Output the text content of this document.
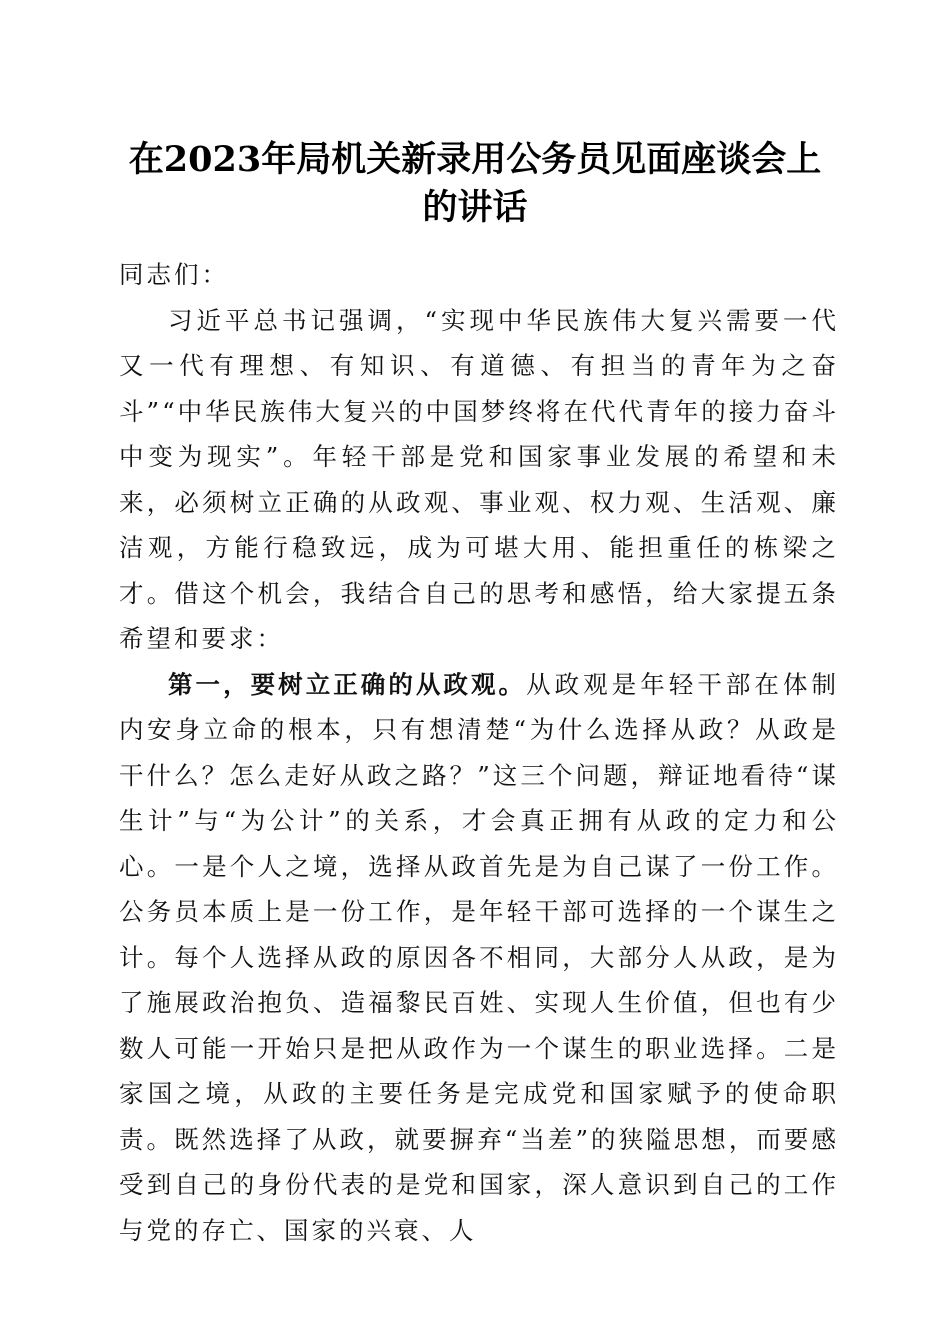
在2023年局机关新录用公务员见面座谈会上
的讲话

同志们：

习近平总书记强调，“实现中华民族伟大复兴需要一代又一代有理想、有知识、有道德、有担当的青年为之奋斗”“中华民族伟大复兴的中国梦终将在代代青年的接力奋斗中变为现实”。年轻干部是党和国家事业发展的希望和未来，必须树立正确的从政观、事业观、权力观、生活观、廉洁观，方能行稳致远，成为可堪大用、能担重任的栋梁之才。借这个机会，我结合自己的思考和感悟，给大家提五条希望和要求：

第一，要树立正确的从政观。从政观是年轻干部在体制内安身立命的根本，只有想清楚“为什么选择从政？从政是干什么？怎么走好从政之路？”这三个问题，辩证地看待“谋生计”与“为公计”的关系，才会真正拥有从政的定力和公心。一是个人之境，选择从政首先是为自己谋了一份工作。公务员本质上是一份工作，是年轻干部可选择的一个谋生之计。每个人选择从政的原因各不相同，大部分人从政，是为了施展政治抱负、造福黎民百姓、实现人生价值，但也有少数人可能一开始只是把从政作为一个谋生的职业选择。二是家国之境，从政的主要任务是完成党和国家赋予的使命职责。既然选择了从政，就要摒弃“当差”的狭隘思想，而要感受到自己的身份代表的是党和国家，深人意识到自己的工作与党的存亡、国家的兴衰、人
